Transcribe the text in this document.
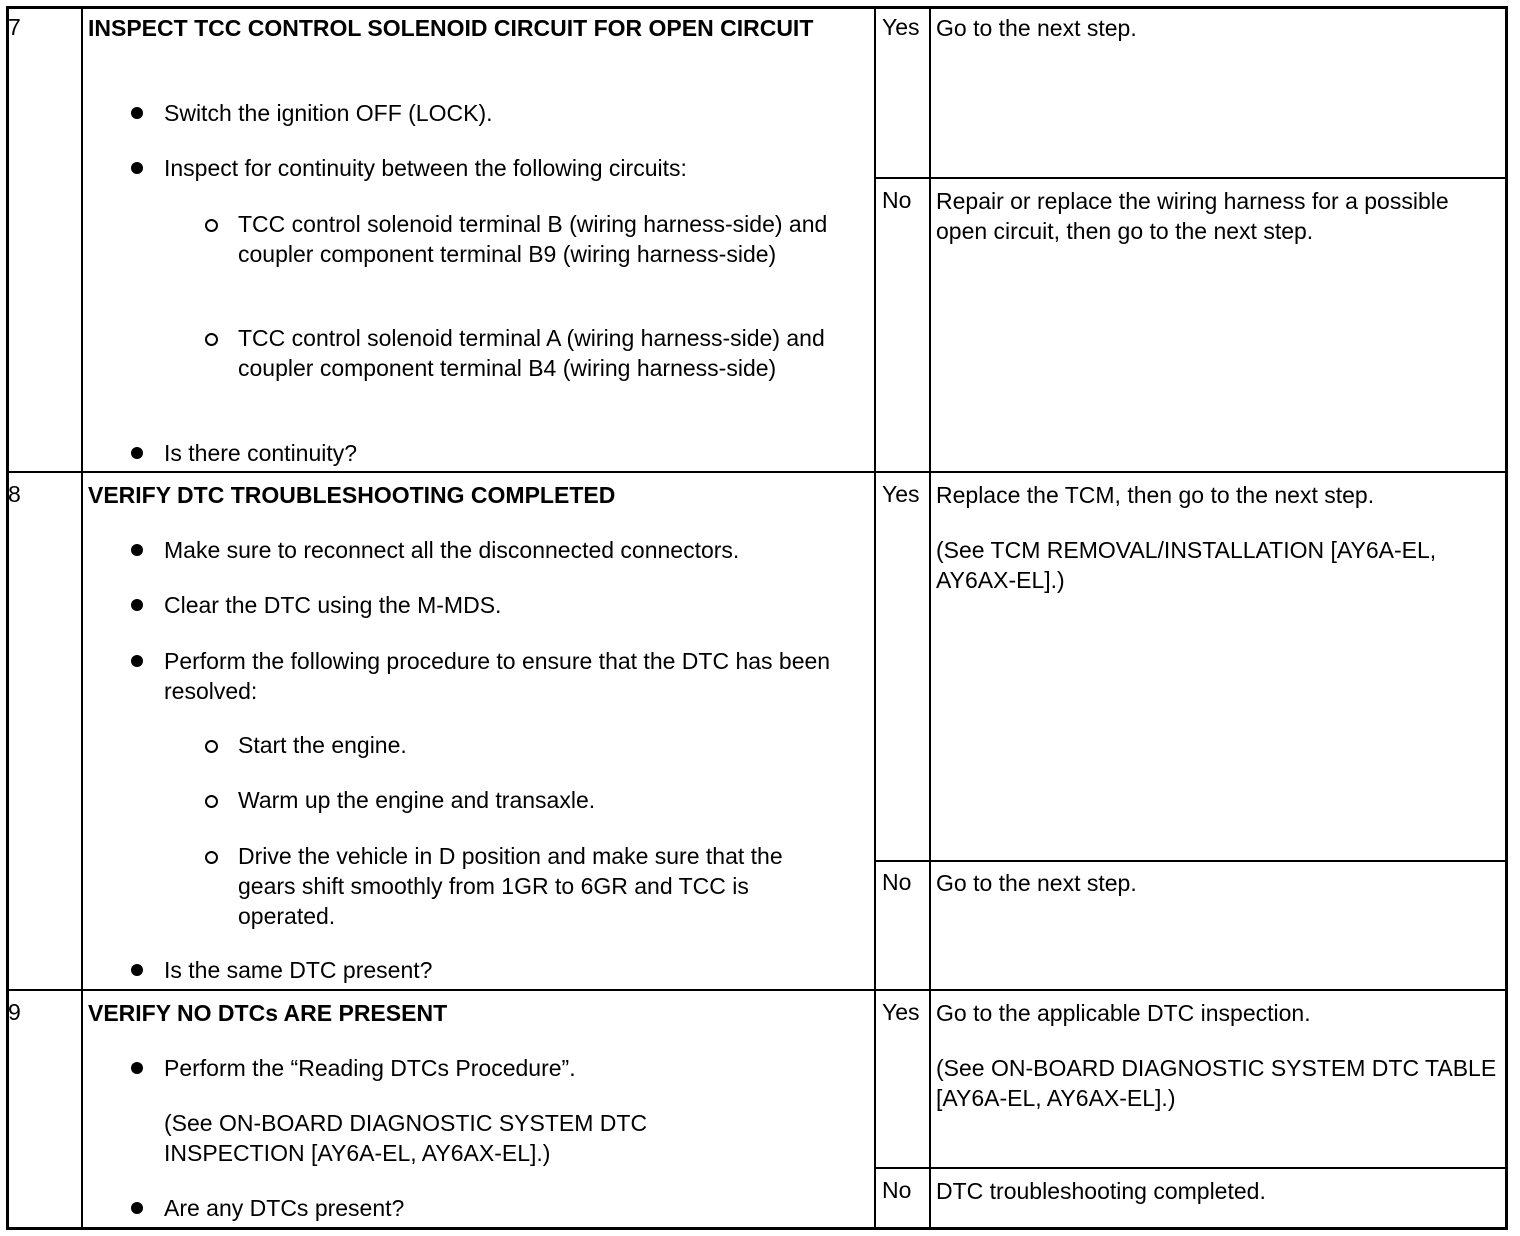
7	INSPECT TCC CONTROL SOLENOID CIRCUIT FOR OPEN CIRCUIT
Switch the ignition OFF (LOCK).
Inspect for continuity between the following circuits:
TCC control solenoid terminal B (wiring harness-side) and coupler component terminal B9 (wiring harness-side)
TCC control solenoid terminal A (wiring harness-side) and coupler component terminal B4 (wiring harness-side)
Is there continuity?
Yes Go to the next step.
No Repair or replace the wiring harness for a possible open circuit, then go to the next step.
8	VERIFY DTC TROUBLESHOOTING COMPLETED
Make sure to reconnect all the disconnected connectors.
Clear the DTC using the M-MDS.
Perform the following procedure to ensure that the DTC has been resolved:
Start the engine.
Warm up the engine and transaxle.
Drive the vehicle in D position and make sure that the gears shift smoothly from 1GR to 6GR and TCC is operated.
Is the same DTC present?
Yes Replace the TCM, then go to the next step.
(See TCM REMOVAL/INSTALLATION [AY6A-EL, AY6AX-EL].)
No Go to the next step.
9	VERIFY NO DTCs ARE PRESENT
Perform the “Reading DTCs Procedure”.
(See ON-BOARD DIAGNOSTIC SYSTEM DTC INSPECTION [AY6A-EL, AY6AX-EL].)
Are any DTCs present?
Yes Go to the applicable DTC inspection.
(See ON-BOARD DIAGNOSTIC SYSTEM DTC TABLE [AY6A-EL, AY6AX-EL].)
No DTC troubleshooting completed.
